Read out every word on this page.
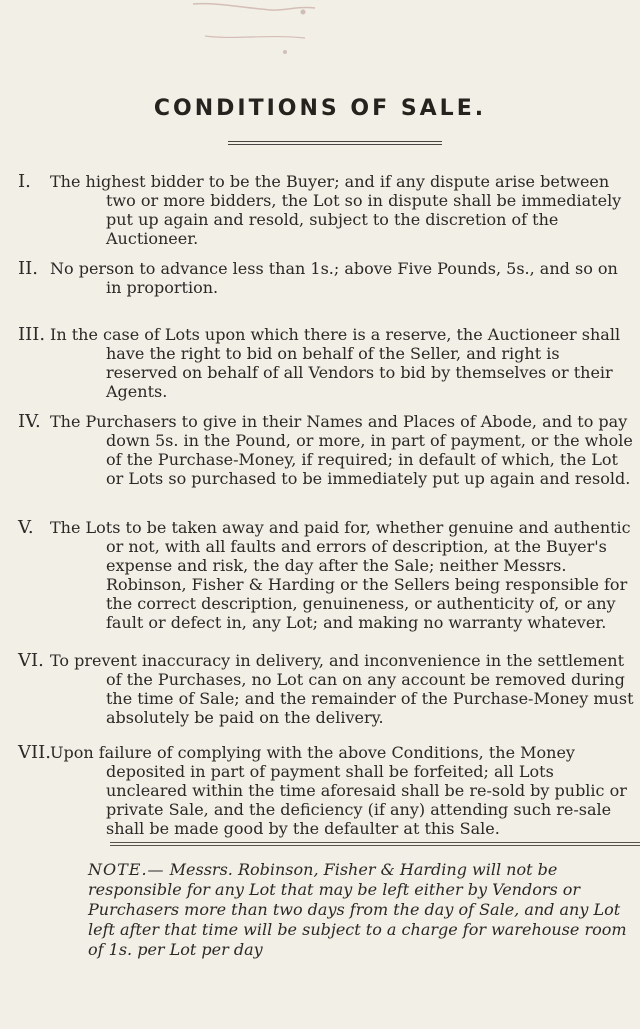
CONDITIONS OF SALE.
I.	The highest bidder to be the Buyer; and if any dispute arise between two or more bidders, the Lot so in dispute shall be immediately put up again and resold, subject to the discretion of the Auctioneer.
II. No person to advance less than 1s.; above Five Pounds, 5s., and so on in proportion.
III. In the case of Lots upon which there is a reserve, the Auctioneer shall have the right to bid on behalf of the Seller, and right is reserved on behalf of all Vendors to bid by themselves or their Agents.
IV. The Purchasers to give in their Names and Places of Abode, and to pay down 5s. in the Pound, or more, in part of payment, or the whole of the Purchase-Money, if required; in default of which, the Lot or Lots so purchased to be immediately put up again and resold.
V.	The Lots to be taken away and paid for, whether genuine and authentic or not, with all faults and errors of description, at the Buyer's expense and risk, the day after the Sale; neither Messrs. Robinson, Fisher & Harding or the Sellers being responsible for the correct description, genuineness, or authenticity of, or any fault or defect in, any Lot; and making no warranty whatever.
VI. To prevent inaccuracy in delivery, and inconvenience in the settlement of the Purchases, no Lot can on any account be removed during the time of Sale; and the remainder of the Purchase-Money must absolutely be paid on the delivery.
VII. Upon failure of complying with the above Conditions, the Money deposited in part of payment shall be forfeited; all Lots uncleared within the time aforesaid shall be re-sold by public or private Sale, and the deficiency (if any) attending such re-sale shall be made good by the defaulter at this Sale.
NOTE.— Messrs. Robinson, Fisher & Harding will not be responsible for any Lot that may be left either by Vendors or Purchasers more than two days from the day of Sale, and any Lot left after that time will be subject to a charge for warehouse room of 1s. per Lot per day
